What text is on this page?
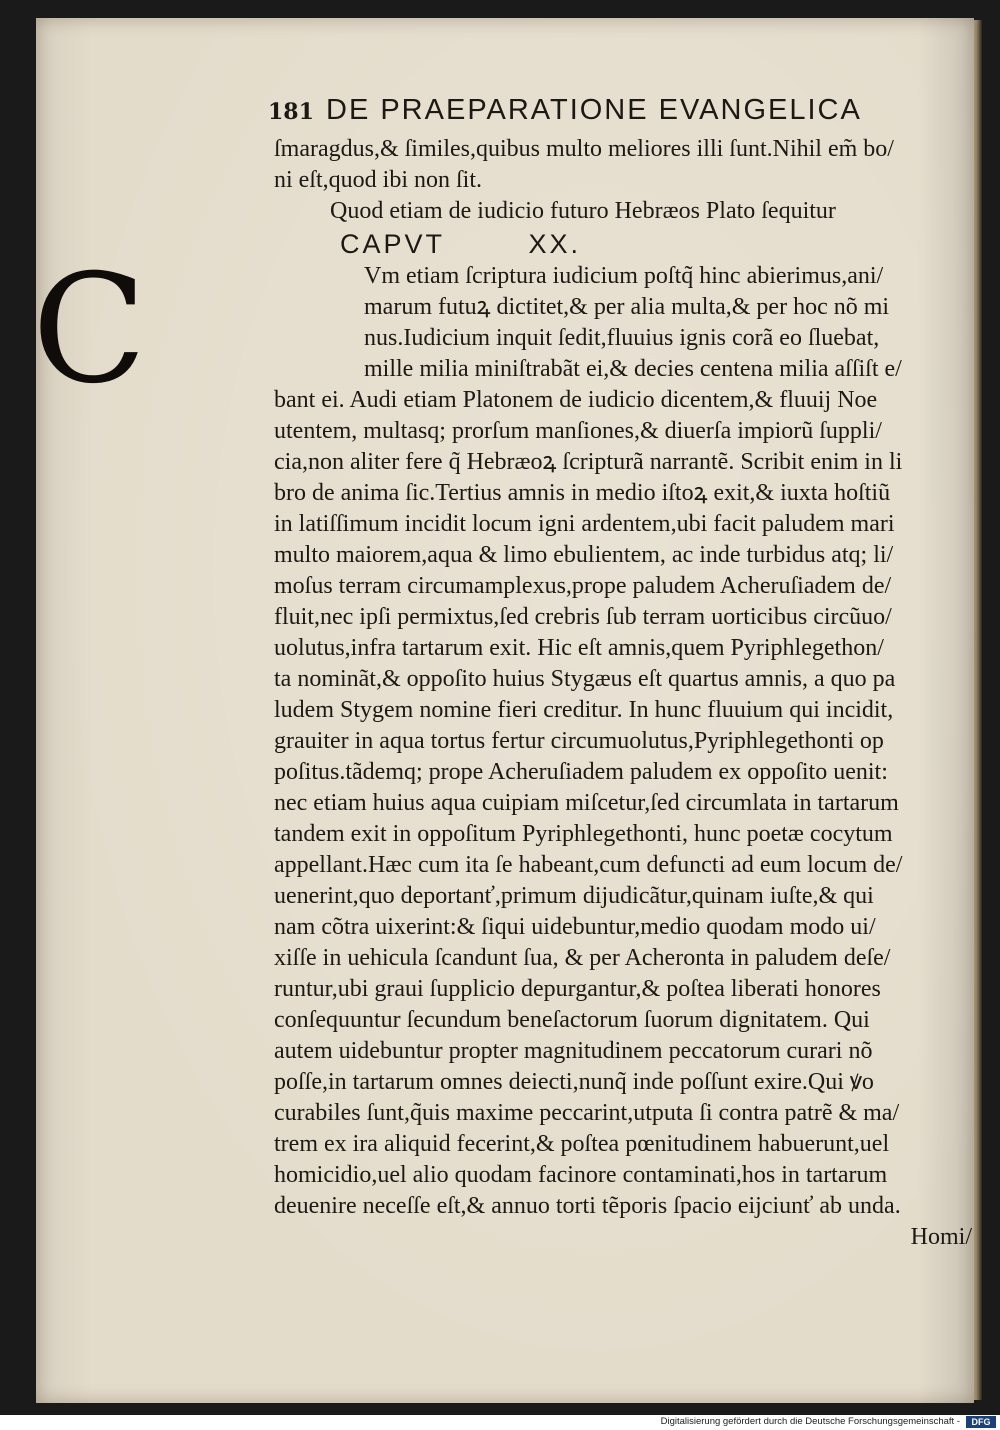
C
181 DE PRAEPARATIONE EVANGELICA
ſmaragdus,& ſimiles,quibus multo meliores illi ſunt.Nihil em̃ bo/
ni eſt,quod ibi non ſit.
Quod etiam de iudicio futuro Hebræos Plato ſequitur
CAPVT        XX.
Vm etiam ſcriptura iudicium poſtq̃ hinc abierimus,ani/
marum futuꝝ dictitet,& per alia multa,& per hoc nõ mi
nus.Iudicium inquit ſedit,fluuius ignis corã eo ſluebat,
mille milia miniſtrabãt ei,& decies centena milia aſſiſt e/
bant ei. Audi etiam Platonem de iudicio dicentem,& fluuij Noe
utentem, multasq; prorſum manſiones,& diuerſa impiorũ ſuppli/
cia,non aliter fere q̃ Hebræoꝝ ſcripturã narrantẽ. Scribit enim in li
bro de anima ſic.Tertius amnis in medio iſtoꝝ exit,& iuxta hoſtiũ
in latiſſimum incidit locum igni ardentem,ubi facit paludem mari
multo maiorem,aqua & limo ebulientem, ac inde turbidus atq; li/
moſus terram circumamplexus,prope paludem Acheruſiadem de/
fluit,nec ipſi permixtus,ſed crebris ſub terram uorticibus circũuo/
uolutus,infra tartarum exit. Hic eſt amnis,quem Pyriphlegethon/
ta nominãt,& oppoſito huius Stygæus eſt quartus amnis, a quo pa
ludem Stygem nomine fieri creditur. In hunc fluuium qui incidit,
grauiter in aqua tortus fertur circumuolutus,Pyriphlegethonti op
poſitus.tãdemq; prope Acheruſiadem paludem ex oppoſito uenit:
nec etiam huius aqua cuipiam miſcetur,ſed circumlata in tartarum
tandem exit in oppoſitum Pyriphlegethonti, hunc poetæ cocytum
appellant.Hæc cum ita ſe habeant,cum defuncti ad eum locum de/
uenerint,quo deportanť,primum dijudicãtur,quinam iuſte,& qui
nam cõtra uixerint:& ſiqui uidebuntur,medio quodam modo ui/
xiſſe in uehicula ſcandunt ſua, & per Acheronta in paludem deſe/
runtur,ubi graui ſupplicio depurgantur,& poſtea liberati honores
conſequuntur ſecundum beneſactorum ſuorum dignitatem. Qui
autem uidebuntur propter magnitudinem peccatorum curari nõ
poſſe,in tartarum omnes deiecti,nunq̃ inde poſſunt exire.Qui ꝟo
curabiles ſunt,q̃uis maxime peccarint,utputa ſi contra patrẽ & ma/
trem ex ira aliquid fecerint,& poſtea pœnitudinem habuerunt,uel
homicidio,uel alio quodam facinore contaminati,hos in tartarum
deuenire neceſſe eſt,& annuo torti tẽporis ſpacio eijciunť ab unda.
Homi/
Digitalisierung gefördert durch die Deutsche Forschungsgemeinschaft -	DFG
